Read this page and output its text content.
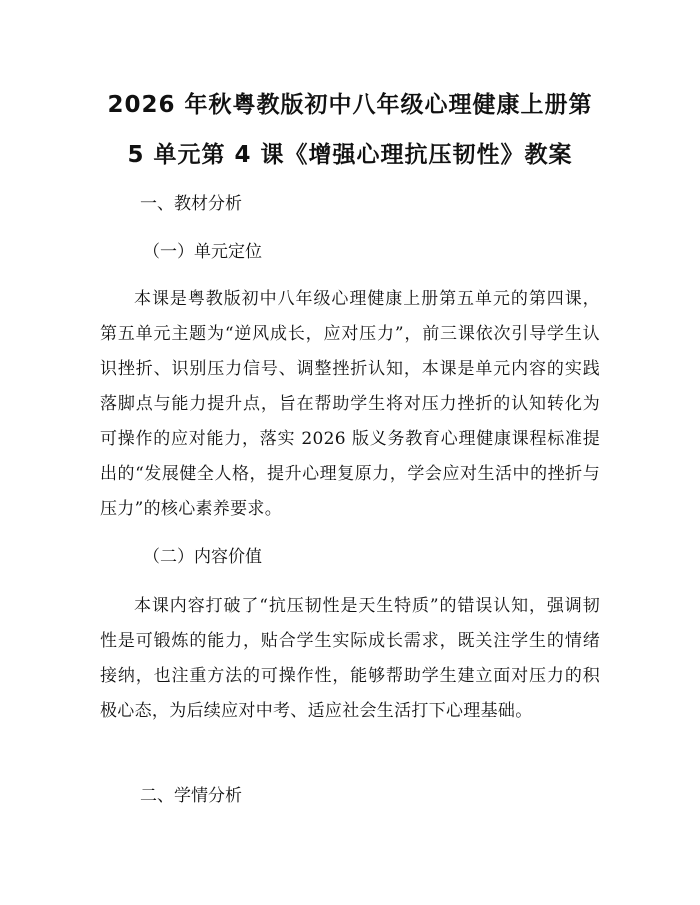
2026 年秋粤教版初中八年级心理健康上册第
5 单元第 4 课《增强心理抗压韧性》教案
一、教材分析
（一）单元定位
本课是粤教版初中八年级心理健康上册第五单元的第四课，第五单元主题为“逆风成长，应对压力”，前三课依次引导学生认识挫折、识别压力信号、调整挫折认知，本课是单元内容的实践落脚点与能力提升点，旨在帮助学生将对压力挫折的认知转化为可操作的应对能力，落实 2026 版义务教育心理健康课程标准提出的“发展健全人格，提升心理复原力，学会应对生活中的挫折与压力”的核心素养要求。
（二）内容价值
本课内容打破了“抗压韧性是天生特质”的错误认知，强调韧性是可锻炼的能力，贴合学生实际成长需求，既关注学生的情绪接纳，也注重方法的可操作性，能够帮助学生建立面对压力的积极心态，为后续应对中考、适应社会生活打下心理基础。
二、学情分析
